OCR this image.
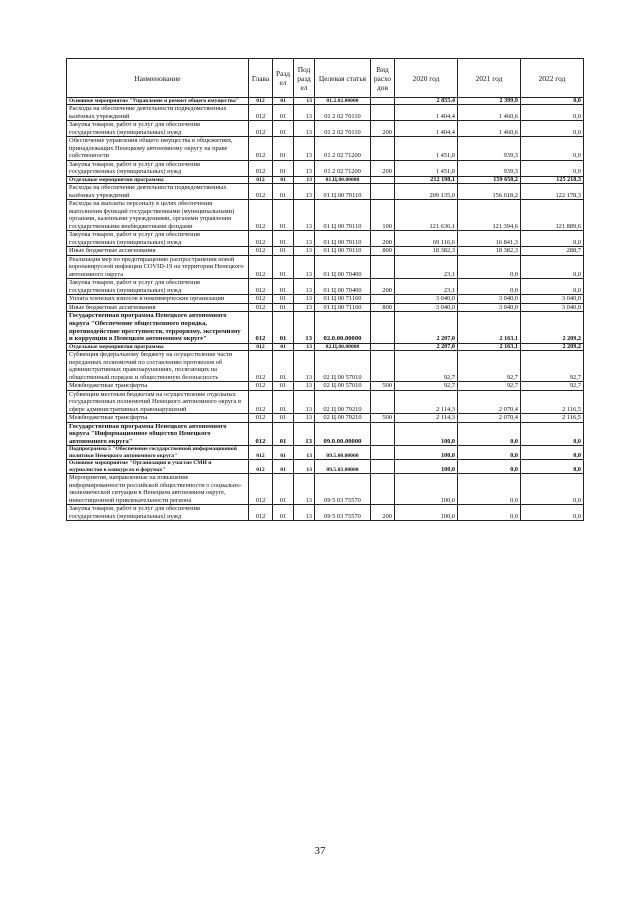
Наименование	Глава	Раздел	Подраздел	Целевая статья	Вид расходов	2020 год	2021 год	2022 год
Основное мероприятие "Управление и ремонт общего имущества"	012	01	13	01.2.02.00000		2 855,4	2 399,9	0,0
Расходы на обеспечение деятельности подведомственных казённых учреждений	012	01	13	01 2 02 70110		1 404,4	1 460,6	0,0
Закупка товаров, работ и услуг для обеспечения государственных (муниципальных) нужд	012	01	13	01 2 02 70110	200	1 404,4	1 460,6	0,0
Обеспечение управления общего имущества в общежитиях, принадлежащих Ненецкому автономному округу на праве собственности	012	01	13	01 2 02 71200		1 451,0	939,3	0,0
Закупка товаров, работ и услуг для обеспечения государственных (муниципальных) нужд	012	01	13	01 2 02 71200	200	1 451,0	939,3	0,0
Отдельные мероприятия программы	012	01	13	01.Ц.00.00000		212 198,1	159 658,2	125 218,3
Расходы на обеспечение деятельности подведомственных казённых учреждений	012	01	13	01 Ц 00 70110		209 135,0	156 618,2	122 178,3
Расходы на выплаты персоналу в целях обеспечения выполнения функций государственными (муниципальными) органами, казенными учреждениями, органами управления государственными внебюджетными фондами	012	01	13	01 Ц 00 70110	100	121 636,1	121 394,6	121 889,6
Закупка товаров, работ и услуг для обеспечения государственных (муниципальных) нужд	012	01	13	01 Ц 00 70110	200	69 116,6	16 841,3	0,0
Иные бюджетные ассигнования	012	01	13	01 Ц 00 70110	800	18 382,3	18 382,3	288,7
Реализация мер по предотвращению распространения новой коронавирусной инфекции COVID-19 на территории Ненецкого автономного округа	012	01	13	01 Ц 00 70400		23,1	0,0	0,0
Закупка товаров, работ и услуг для обеспечения государственных (муниципальных) нужд	012	01	13	01 Ц 00 70400	200	23,1	0,0	0,0
Уплата членских взносов в некоммерческие организации	012	01	13	01 Ц 00 71160		3 040,0	3 040,0	3 040,0
Иные бюджетные ассигнования	012	01	13	01 Ц 00 71160	800	3 040,0	3 040,0	3 040,0
Государственная программа Ненецкого автономного округа "Обеспечение общественного порядка, противодействие преступности, терроризму, экстремизму и коррупции в Ненецком автономном округе"	012	01	13	02.0.00.00000		2 207,0	2 163,1	2 209,2
Отдельные мероприятия программы	012	01	13	02.Ц.00.00000		2 207,0	2 163,1	2 209,2
Субвенция федеральному бюджету на осуществление части переданных полномочий по составлению протоколов об административных правонарушениях, посягающих на общественный порядок и общественную безопасность	012	01	13	02 Ц 00 57010		92,7	92,7	92,7
Межбюджетные трансферты	012	01	13	02 Ц 00 57010	500	92,7	92,7	92,7
Субвенции местным бюджетам на осуществление отдельных государственных полномочий Ненецкого автономного округа в сфере административных правонарушений	012	01	13	02 Ц 00 79210		2 114,3	2 070,4	2 116,5
Межбюджетные трансферты	012	01	13	02 Ц 00 79210	500	2 114,3	2 070,4	2 116,5
Государственная программа Ненецкого автономного округа "Информационное общество Ненецкого автономного округа"	012	01	13	09.0.00.00000		100,0	0,0	0,0
Подпрограмма 5 "Обеспечение государственной информационной политики Ненецкого автономного округа"	012	01	13	09.5.00.00000		100,0	0,0	0,0
Основное мероприятие "Организация и участие СМИ и журналистов в конкурсах и форумах"	012	01	13	09.5.03.00000		100,0	0,0	0,0
Мероприятия, направленные на повышение информированности российской общественности о социально-экономической ситуации в Ненецком автономном округе, инвестиционной привлекательности региона	012	01	13	09 5 03 75570		100,0	0,0	0,0
Закупка товаров, работ и услуг для обеспечения государственных (муниципальных) нужд	012	01	13	09 5 03 75570	200	100,0	0,0	0,0
37
